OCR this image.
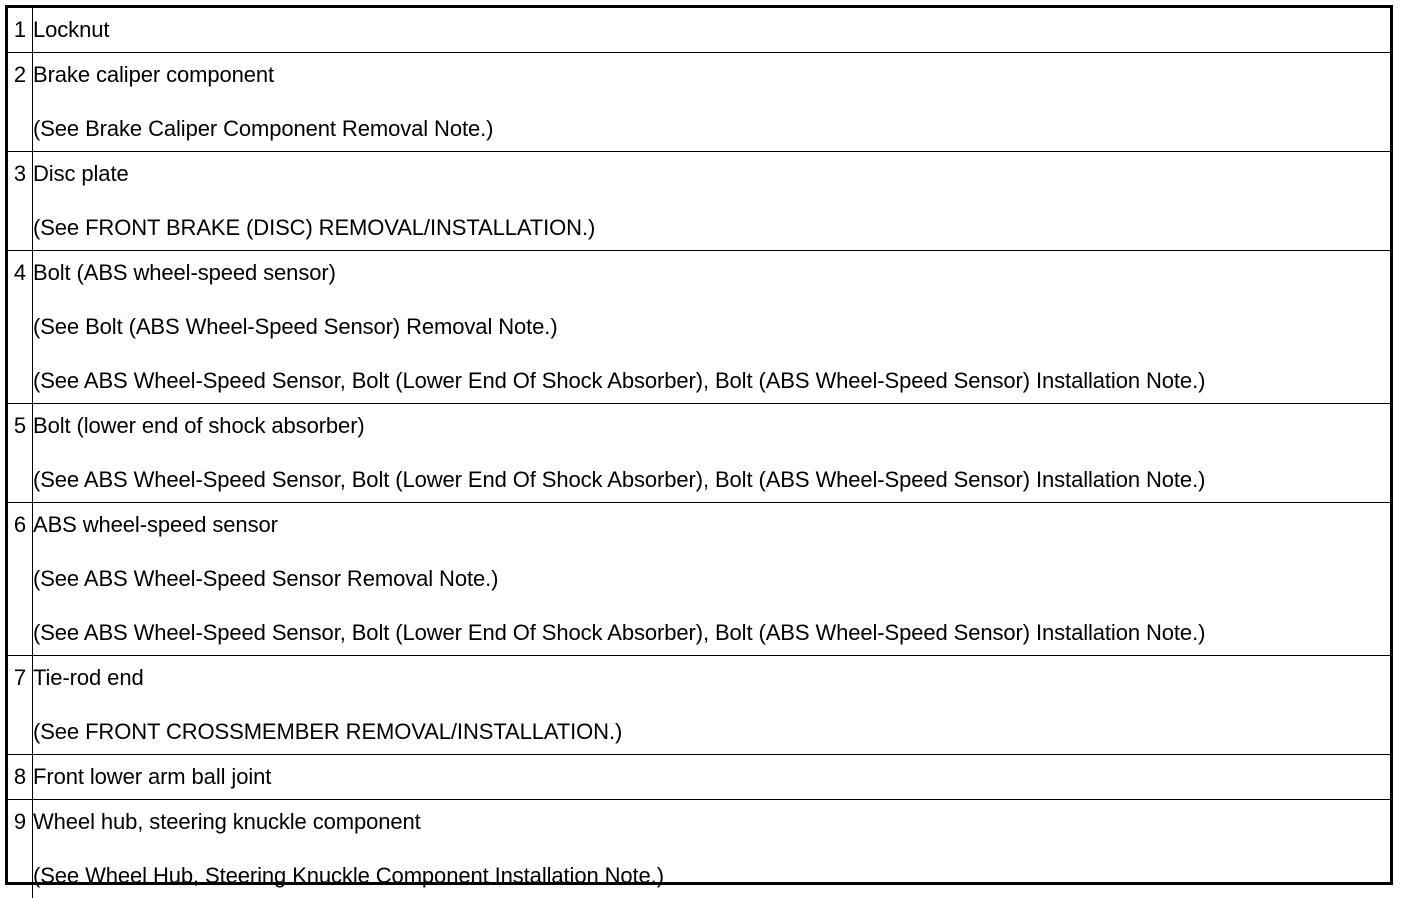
1	Locknut

2	Brake caliper component
(See Brake Caliper Component Removal Note.)

3	Disc plate
(See FRONT BRAKE (DISC) REMOVAL/INSTALLATION.)

4	Bolt (ABS wheel-speed sensor)
(See Bolt (ABS Wheel-Speed Sensor) Removal Note.)
(See ABS Wheel-Speed Sensor, Bolt (Lower End Of Shock Absorber), Bolt (ABS Wheel-Speed Sensor) Installation Note.)

5	Bolt (lower end of shock absorber)
(See ABS Wheel-Speed Sensor, Bolt (Lower End Of Shock Absorber), Bolt (ABS Wheel-Speed Sensor) Installation Note.)

6	ABS wheel-speed sensor
(See ABS Wheel-Speed Sensor Removal Note.)
(See ABS Wheel-Speed Sensor, Bolt (Lower End Of Shock Absorber), Bolt (ABS Wheel-Speed Sensor) Installation Note.)

7	Tie-rod end
(See FRONT CROSSMEMBER REMOVAL/INSTALLATION.)

8	Front lower arm ball joint

9	Wheel hub, steering knuckle component
(See Wheel Hub, Steering Knuckle Component Installation Note.)
